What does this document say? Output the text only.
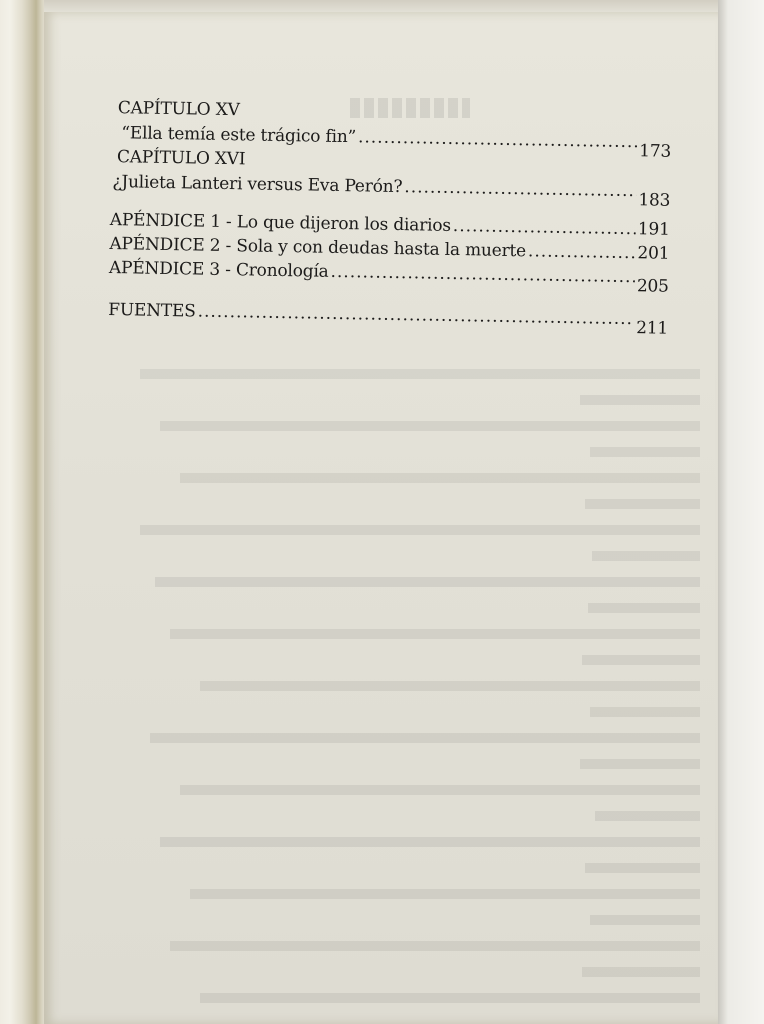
CAPÍTULO XV
“Ella temía este trágico fin”
.....
173
CAPÍTULO XVI
¿Julieta Lanteri versus Eva Perón?
.....
183
APÉNDICE 1 - Lo que dijeron los diarios .....	191
APÉNDICE 2 - Sola y con deudas hasta la muerte .....	201
APÉNDICE 3 - Cronología
.....
205
FUENTES
.....
211
